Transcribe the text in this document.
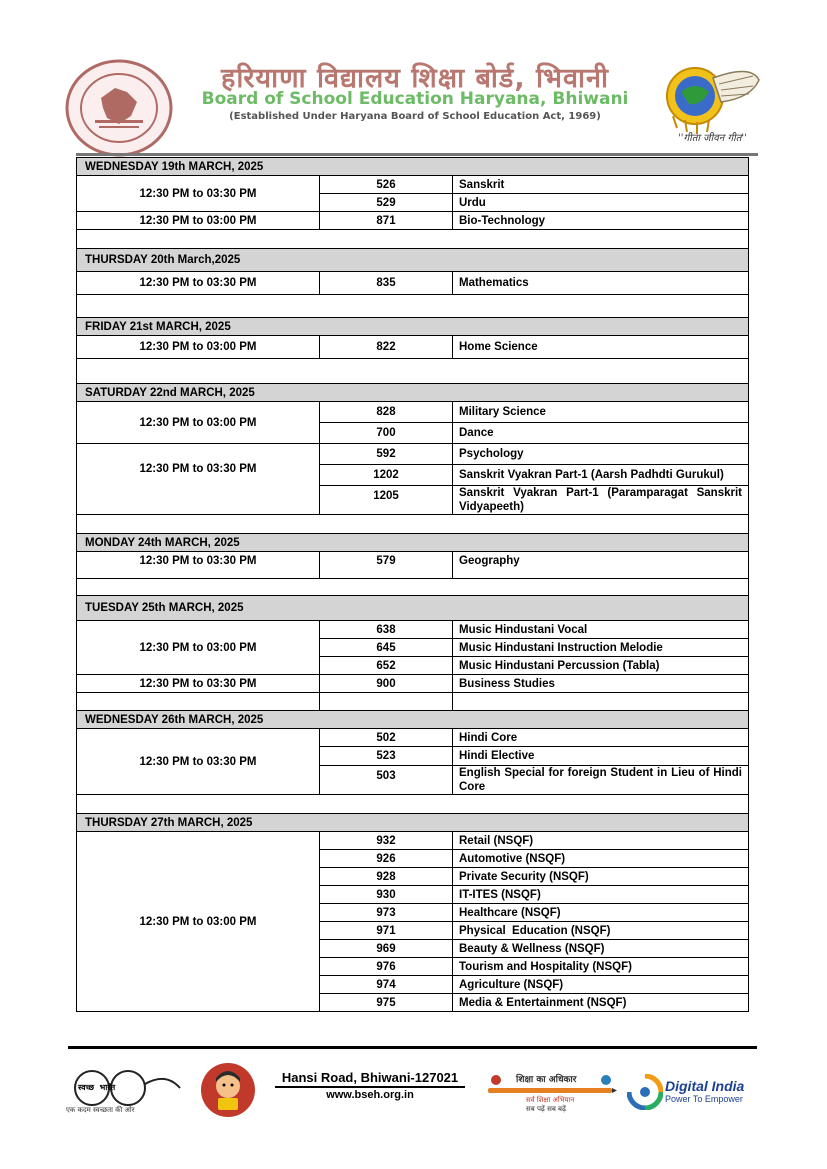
हरियाणा विद्यालय शिक्षा बोर्ड, भिवानी
Board of School Education Haryana, Bhiwani
(Established Under Haryana Board of School Education Act, 1969)
''गीता जीवन गीत''
WEDNESDAY 19th MARCH, 2025		
12:30 PM to 03:30 PM	526	Sanskrit
	529	Urdu
12:30 PM to 03:00 PM	871	Bio-Technology

THURSDAY 20th March,2025		
12:30 PM to 03:30 PM	835	Mathematics

FRIDAY 21st MARCH, 2025		
12:30 PM to 03:00 PM	822	Home Science

SATURDAY 22nd MARCH, 2025		
12:30 PM to 03:00 PM	828	Military Science
	700	Dance
12:30 PM to 03:30 PM	592	Psychology
	1202	Sanskrit Vyakran Part-1 (Aarsh Padhdti Gurukul)
	1205	Sanskrit Vyakran Part-1 (Paramparagat Sanskrit Vidyapeeth)

MONDAY 24th MARCH, 2025		
12:30 PM to 03:30 PM	579	Geography

TUESDAY 25th MARCH, 2025		
12:30 PM to 03:00 PM	638	Music Hindustani Vocal
	645	Music Hindustani Instruction Melodie
	652	Music Hindustani Percussion (Tabla)
12:30 PM to 03:30 PM	900	Business Studies

WEDNESDAY 26th MARCH, 2025		
12:30 PM to 03:30 PM	502	Hindi Core
	523	Hindi Elective
	503	English Special for foreign Student in Lieu of Hindi Core

THURSDAY 27th MARCH, 2025		
12:30 PM to 03:00 PM	932	Retail (NSQF)
	926	Automotive (NSQF)
	928	Private Security (NSQF)
	930	IT-ITES (NSQF)
	973	Healthcare (NSQF)
	971	Physical  Education (NSQF)
	969	Beauty & Wellness (NSQF)
	976	Tourism and Hospitality (NSQF)
	974	Agriculture (NSQF)
	975	Media & Entertainment (NSQF)
स्वच्छ  भारत
एक कदम स्वच्छता की ओर
Hansi Road, Bhiwani-127021
www.bseh.org.in
शिक्षा का अधिकार
सर्व शिक्षा अभियान
सब पढ़ें सब बढ़ें
Digital India
Power To Empower
